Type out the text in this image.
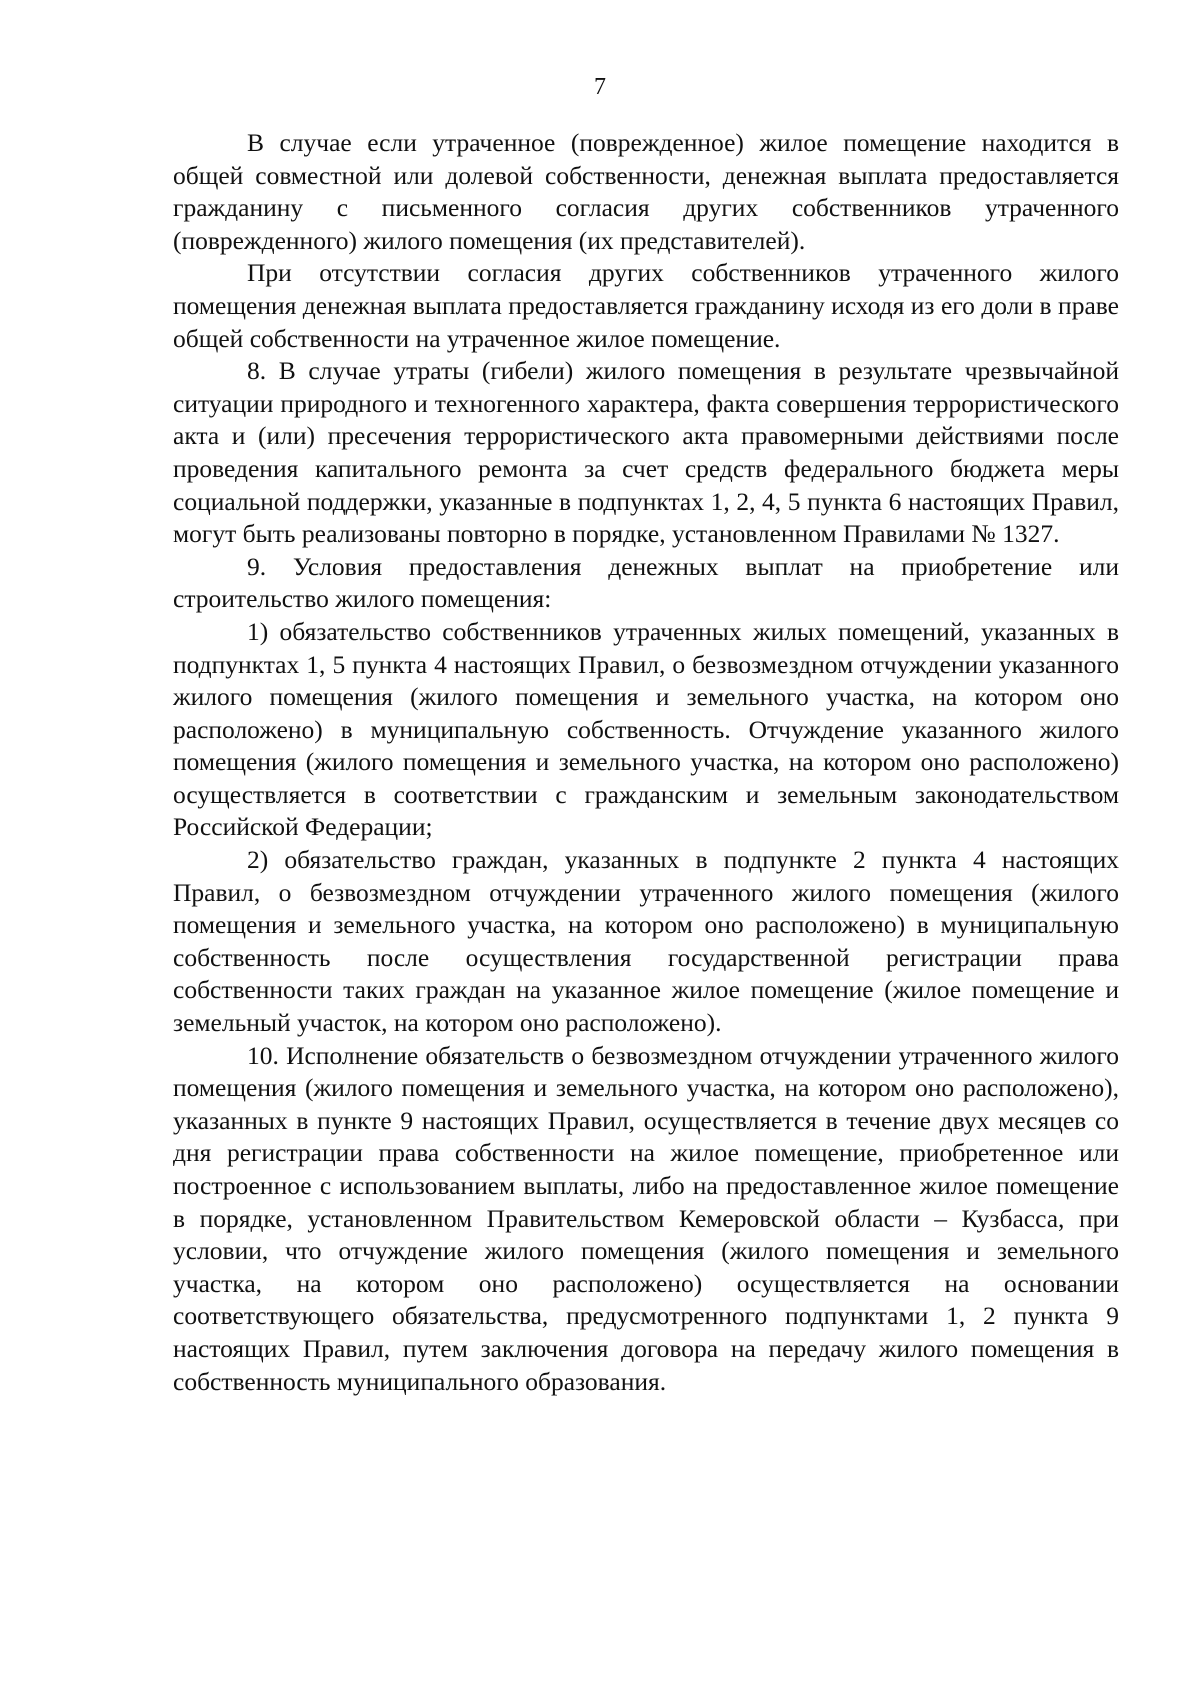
7

В случае если утраченное (поврежденное) жилое помещение находится в общей совместной или долевой собственности, денежная выплата предоставляется гражданину с письменного согласия других собственников утраченного (поврежденного) жилого помещения (их представителей).

При отсутствии согласия других собственников утраченного жилого помещения денежная выплата предоставляется гражданину исходя из его доли в праве общей собственности на утраченное жилое помещение.

8. В случае утраты (гибели) жилого помещения в результате чрезвычайной ситуации природного и техногенного характера, факта совершения террористического акта и (или) пресечения террористического акта правомерными действиями после проведения капитального ремонта за счет средств федерального бюджета меры социальной поддержки, указанные в подпунктах 1, 2, 4, 5 пункта 6 настоящих Правил, могут быть реализованы повторно в порядке, установленном Правилами № 1327.

9. Условия предоставления денежных выплат на приобретение или строительство жилого помещения:

1) обязательство собственников утраченных жилых помещений, указанных в подпунктах 1, 5 пункта 4 настоящих Правил, о безвозмездном отчуждении указанного жилого помещения (жилого помещения и земельного участка, на котором оно расположено) в муниципальную собственность. Отчуждение указанного жилого помещения (жилого помещения и земельного участка, на котором оно расположено) осуществляется в соответствии с гражданским и земельным законодательством Российской Федерации;

2) обязательство граждан, указанных в подпункте 2 пункта 4 настоящих Правил, о безвозмездном отчуждении утраченного жилого помещения (жилого помещения и земельного участка, на котором оно расположено) в муниципальную собственность после осуществления государственной регистрации права собственности таких граждан на указанное жилое помещение (жилое помещение и земельный участок, на котором оно расположено).

10. Исполнение обязательств о безвозмездном отчуждении утраченного жилого помещения (жилого помещения и земельного участка, на котором оно расположено), указанных в пункте 9 настоящих Правил, осуществляется в течение двух месяцев со дня регистрации права собственности на жилое помещение, приобретенное или построенное с использованием выплаты, либо на предоставленное жилое помещение в порядке, установленном Правительством Кемеровской области – Кузбасса, при условии, что отчуждение жилого помещения (жилого помещения и земельного участка, на котором оно расположено) осуществляется на основании соответствующего обязательства, предусмотренного подпунктами 1, 2 пункта 9 настоящих Правил, путем заключения договора на передачу жилого помещения в собственность муниципального образования.
